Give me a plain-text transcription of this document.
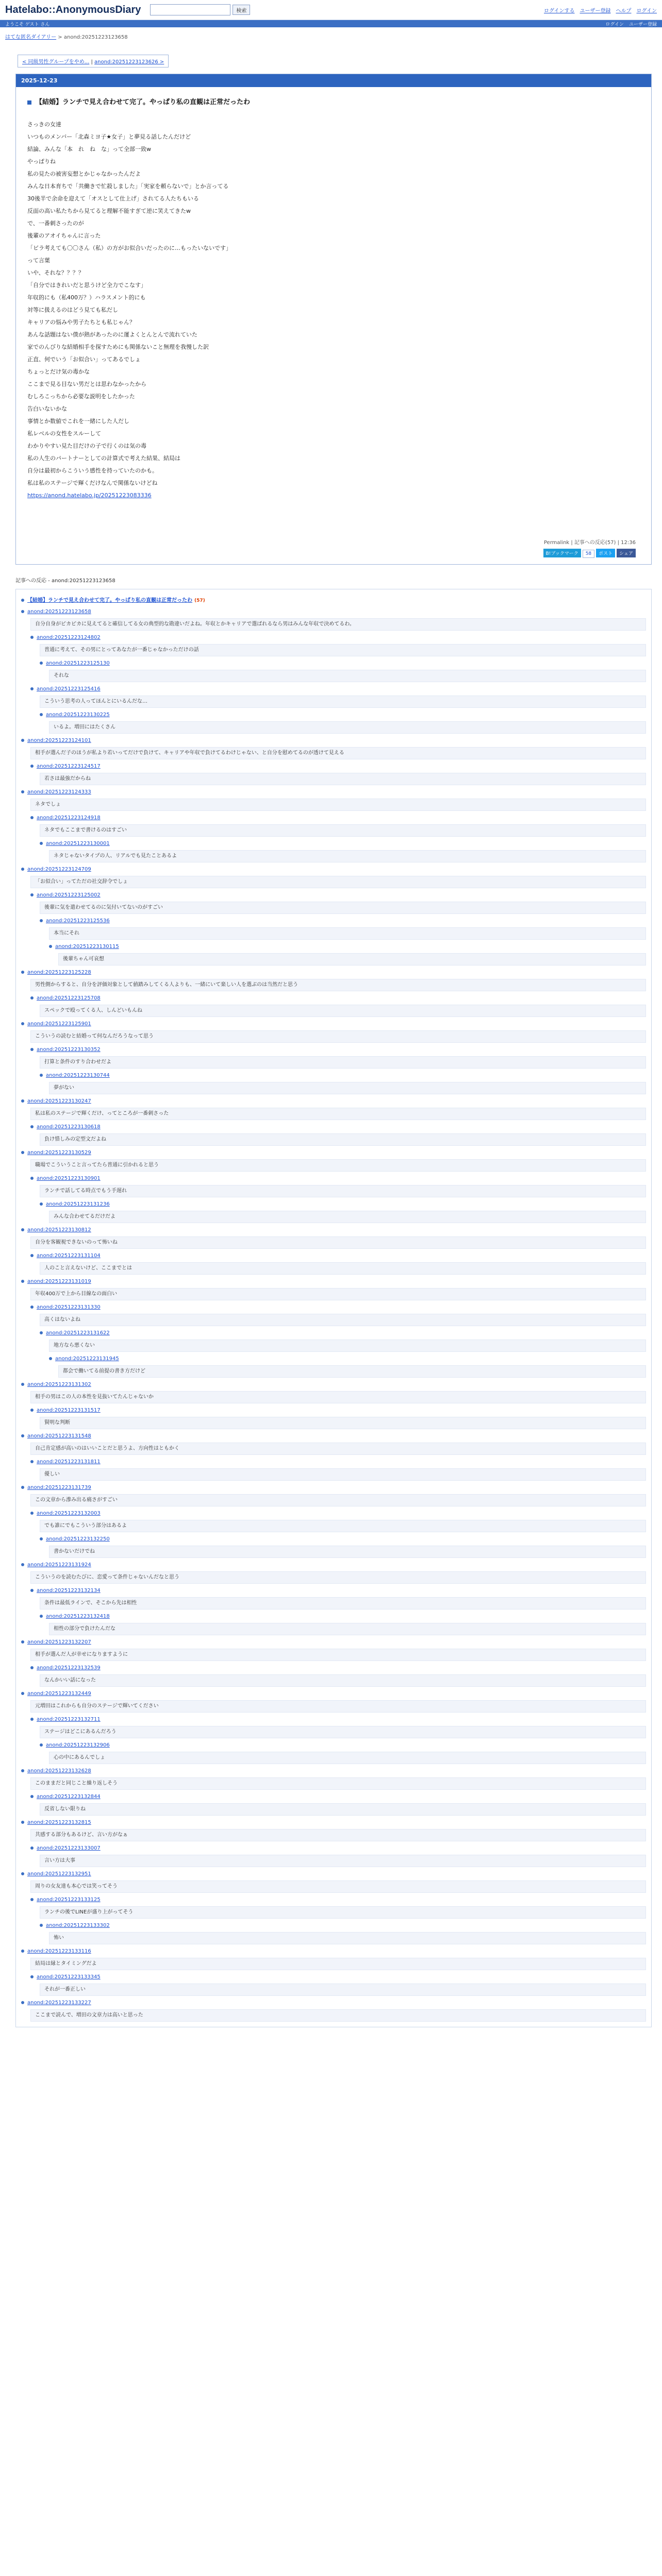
Hatelabo::AnonymousDiary	検索	ログインする ユーザー登録 ヘルプ ログイン
ようこそ ゲスト さん	ログイン ユーザー登録
はてな匿名ダイアリー > anond:20251223123658
< 同級男性グループをやめ... | anond:20251223123626 >
2025-12-23
【結婚】ランチで見え合わせて完了。やっぱり私の直観は正常だったわ

さっきの女達

いつものメンバー「北森ミヨ子★女子」と夢見る話したんだけど

結論、みんな「本　れ　ね　な」って全部一致w

やっぱりね

私の見たの被害妄想とかじゃなかったんだよ

みんな日本育ちで「共働きで忙殺しました」「実家を頼らないで」とか言ってる

30後半で余命を迎えて「オスとして仕上げ」されてる人たちもいる

反面の高い私たちから見てると理解不能すぎて逆に笑えてきたw

で、一番刺さったのが

後輩のアオイちゃんに言った

「ビラ考えても〇〇さん（私）の方がお似合いだったのに…もったいないです」

って言葉

いや、それな？？？？

「自分ではきれいだと思うけど全力でこなす」

年収的にも（私400万？）ハラスメント的にも

対等に扱えるのはどう見ても私だし

キャリアの悩みや男子たちとも私じゃん？

あんな話題はない僕が熱があったのに運よくとんとんで流れていた

家でのんびりな結婚相手を探すためにも関係ないこと無理を我慢した訳

正直、何でいう「お似合い」ってあるでしょ

ちょっとだけ気の毒かな

ここまで見る目ない男だとは思わなかったから

むしろこっちから必要な説明をしたかった

告白いないかな

事情とか数値でこれを一緒にした人だし

私レベルの女性をスルーして

わかりやすい見た目だけの子で行くのは気の毒

私の人生のパートナーとしての計算式で考えた結果、結局は

自分は最初からこういう感性を持っていたのかも。

私は私のステージで輝くだけなんで関係ないけどね

https://anond.hatelabo.jp/20251223083336

Permalink | 記事への反応(57) | 12:36
B!ブックマーク 58 ポスト シェア
記事への反応 - anond:20251223123658
【結婚】ランチで見え合わせて完了。やっぱり私の直観は正常だったわ (57)
anond:20251223123658
自分自身がピカピカに見えてると確信してる女の典型的な勘違いだよね。年収とかキャリアで選ばれるなら男はみんな年収で決めてるわ。
anond:20251223124802
普通に考えて、その男にとってあなたが一番じゃなかっただけの話
anond:20251223125130
それな
anond:20251223125416
こういう思考の人ってほんとにいるんだな…
anond:20251223130225
いるよ。増田にはたくさん
anond:20251223124101
相手が選んだ子のほうが私より若いってだけで負けて、キャリアや年収で負けてるわけじゃない、と自分を慰めてるのが透けて見える
anond:20251223124517
若さは最強だからね
anond:20251223124333
ネタでしょ
anond:20251223124918
ネタでもここまで書けるのはすごい
anond:20251223130001
ネタじゃないタイプの人、リアルでも見たことあるよ
anond:20251223124709
「お似合い」ってただの社交辞令でしょ
anond:20251223125002
後輩に気を遣わせてるのに気付いてないのがすごい
anond:20251223125536
本当にそれ
anond:20251223130115
後輩ちゃん可哀想
anond:20251223125228
男性側からすると、自分を評価対象として値踏みしてくる人よりも、一緒にいて楽しい人を選ぶのは当然だと思う
anond:20251223125708
スペックで殴ってくる人、しんどいもんね
anond:20251223125901
こういうの読むと結婚って何なんだろうなって思う
anond:20251223130352
打算と条件のすり合わせだよ
anond:20251223130744
夢がない
anond:20251223130247
私は私のステージで輝くだけ、ってところが一番刺さった
anond:20251223130618
負け惜しみの定型文だよね
anond:20251223130529
職場でこういうこと言ってたら普通に引かれると思う
anond:20251223130901
ランチで話してる時点でもう手遅れ
anond:20251223131236
みんな合わせてるだけだよ
anond:20251223130812
自分を客観視できないのって怖いね
anond:20251223131104
人のこと言えないけど、ここまでとは
anond:20251223131019
年収400万で上から目線なの面白い
anond:20251223131330
高くはないよね
anond:20251223131622
地方なら悪くない
anond:20251223131945
都会で働いてる前提の書き方だけど
anond:20251223131302
相手の男はこの人の本性を見抜いてたんじゃないか
anond:20251223131517
賢明な判断
anond:20251223131548
自己肯定感が高いのはいいことだと思うよ、方向性はともかく
anond:20251223131811
優しい
anond:20251223131739
この文章から滲み出る痛さがすごい
anond:20251223132003
でも誰にでもこういう部分はあるよ
anond:20251223132250
書かないだけでね
anond:20251223131924
こういうのを読むたびに、恋愛って条件じゃないんだなと思う
anond:20251223132134
条件は最低ラインで、そこから先は相性
anond:20251223132418
相性の部分で負けたんだな
anond:20251223132207
相手が選んだ人が幸せになりますように
anond:20251223132539
なんかいい話になった
anond:20251223132449
元増田はこれからも自分のステージで輝いてください
anond:20251223132711
ステージはどこにあるんだろう
anond:20251223132906
心の中にあるんでしょ
anond:20251223132628
このままだと同じこと繰り返しそう
anond:20251223132844
反省しない限りね
anond:20251223132815
共感する部分もあるけど、言い方がなぁ
anond:20251223133007
言い方は大事
anond:20251223132951
周りの女友達も本心では笑ってそう
anond:20251223133125
ランチの後でLINEが盛り上がってそう
anond:20251223133302
怖い
anond:20251223133116
結局は縁とタイミングだよ
anond:20251223133345
それが一番正しい
anond:20251223133227
ここまで読んで、増田の文章力は高いと思った
